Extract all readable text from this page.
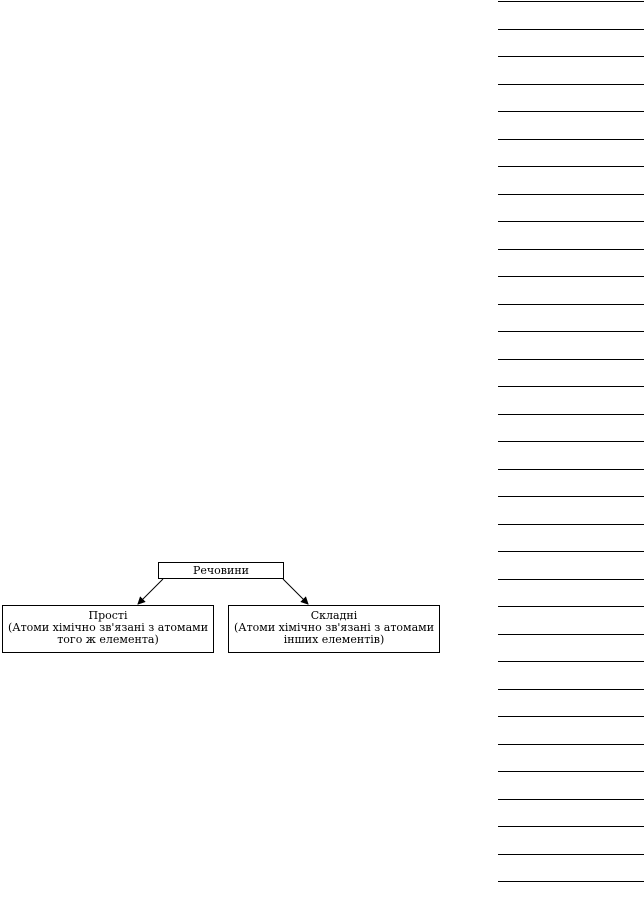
Речовини
Прості
(Атоми хімічно зв'язані з атомами
того ж елемента)
Складні
(Атоми хімічно зв'язані з атомами
інших елементів)
